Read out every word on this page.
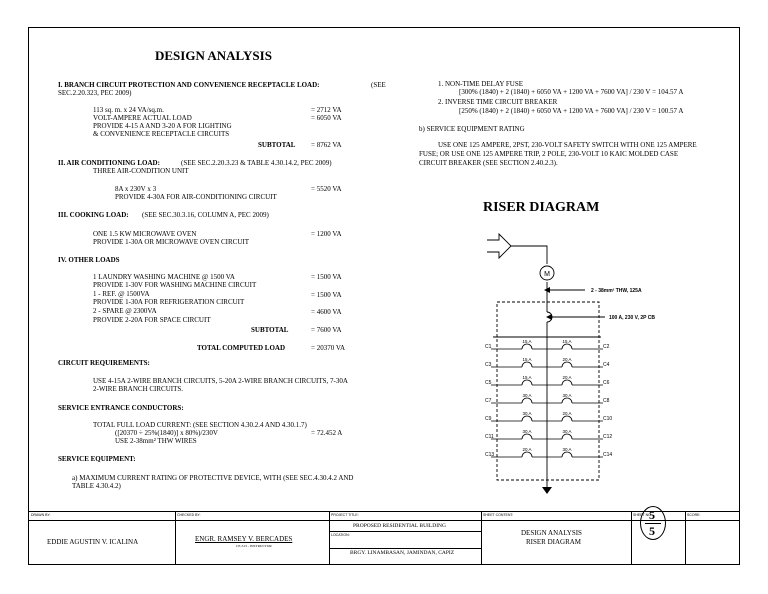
DESIGN ANALYSIS
I. BRANCH CIRCUIT PROTECTION AND CONVENIENCE RECEPTACLE LOAD:	(SEE
SEC.2.20.323, PEC 2009)
113 sq. m. x 24 VA/sq.m.	= 2712 VA
VOLT-AMPERE ACTUAL LOAD	= 6050 VA
PROVIDE 4-15 A AND 3-20 A FOR LIGHTING
& CONVENIENCE RECEPTACLE CIRCUITS
SUBTOTAL = 8762 VA
II. AIR CONDITIONING LOAD:	(SEE SEC.2.20.3.23 & TABLE 4.30.14.2, PEC 2009)
THREE AIR-CONDITION UNIT
8A x 230V x 3	= 5520 VA
PROVIDE 4-30A FOR AIR-CONDITIONING CIRCUIT
III. COOKING LOAD: (SEE SEC.30.3.16, COLUMN A, PEC 2009)
ONE 1.5 KW MICROWAVE OVEN	= 1200 VA
PROVIDE 1-30A OR MICROWAVE OVEN CIRCUIT
IV. OTHER LOADS
1 LAUNDRY WASHING MACHINE @ 1500 VA	= 1500 VA
PROVIDE 1-30V FOR WASHING MACHINE CIRCUIT
1 - REF. @ 1500VA	= 1500 VA
PROVIDE 1-30A FOR REFRIGERATION CIRCUIT
2 - SPARE @ 2300VA	= 4600 VA
PROVIDE 2-20A FOR SPACE CIRCUIT
SUBTOTAL	= 7600 VA
TOTAL COMPUTED LOAD	= 20370 VA
CIRCUIT REQUIREMENTS:
USE 4-15A 2-WIRE BRANCH CIRCUITS, 5-20A 2-WIRE BRANCH CIRCUITS, 7-30A
2-WIRE BRANCH CIRCUITS.
SERVICE ENTRANCE CONDUCTORS:
TOTAL FULL LOAD CURRENT: (SEE SECTION 4.30.2.4 AND 4.30.1.7)
([20370 ÷ 25%(1840)] x 80%)/230V	= 72.452 A
USE 2-38mm² THW WIRES
SERVICE EQUIPMENT:
a) MAXIMUM CURRENT RATING OF PROTECTIVE DEVICE, WITH (SEE SEC.4.30.4.2 AND
TABLE 4.30.4.2)
1. NON-TIME DELAY FUSE
[300% (1840) + 2 (1840) + 6050 VA + 1200 VA + 7600 VA] / 230 V = 104.57 A
2. INVERSE TIME CIRCUIT BREAKER
[250% (1840) + 2 (1840) + 6050 VA + 1200 VA + 7600 VA] / 230 V = 100.57 A
b) SERVICE EQUIPMENT RATING
USE ONE 125 AMPERE, 2PST, 230-VOLT SAFETY SWITCH WITH ONE 125 AMPERE
FUSE; OR USE ONE 125 AMPERE TRIP, 2 POLE, 230-VOLT 10 KAIC MOLDED CASE
CIRCUIT BREAKER (SEE SECTION 2.40.2.3).
RISER DIAGRAM
M
2 - 38mm² THW, 125A
100 A, 230 V, 2P CB
C1	C2
15 A	15 A
C3	C4
15 A	20 A
C5	C6
15 A	20 A
C7	C8
30 A	30 A
C9	C10
30 A	20 A
C11	C12
30 A	30 A
C13	C14
20 A	30 A
DRAWN BY:	CHECKED BY:	PROJECT TITLE:	SHEET CONTENT:	SHEET NO.	SCORE:
EDDIE AGUSTIN V. ICALINA	ENGR. RAMSEY V. BERCADES
CE-313 - INSTRUCTOR
PROPOSED RESIDENTIAL BUILDING
LOCATION:
BRGY. LINAMBASAN, JAMINDAN, CAPIZ
DESIGN ANALYSIS
RISER DIAGRAM
5
5
